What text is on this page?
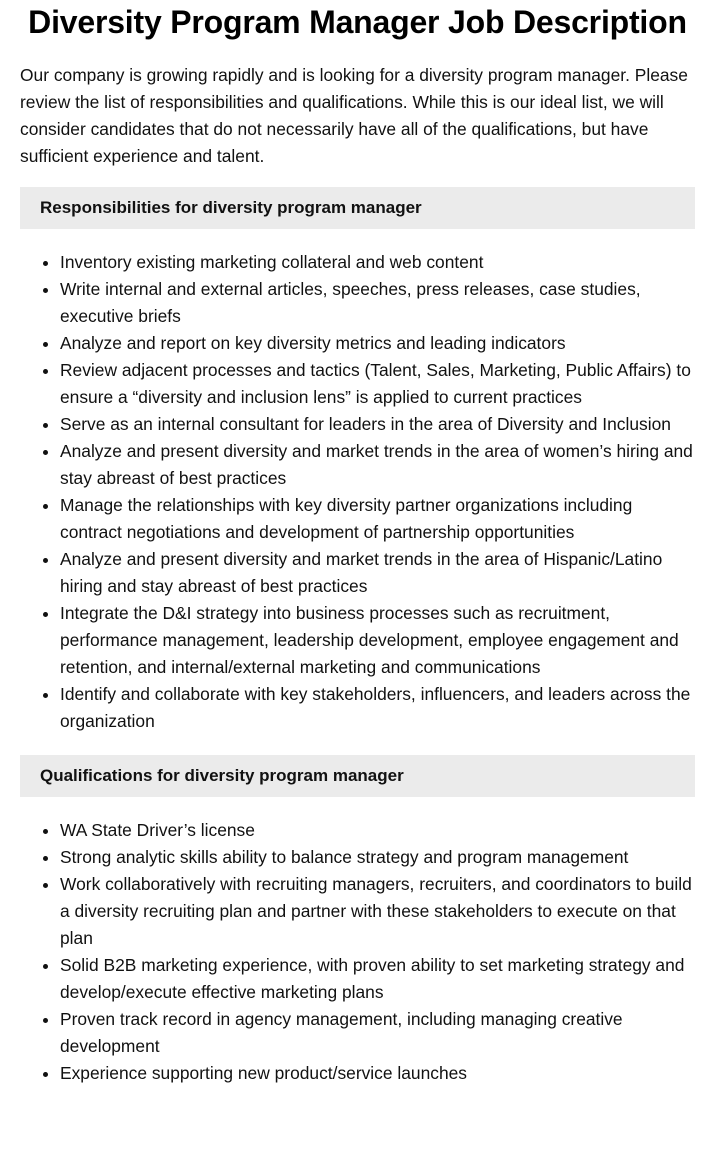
Diversity Program Manager Job Description

Our company is growing rapidly and is looking for a diversity program manager. Please review the list of responsibilities and qualifications. While this is our ideal list, we will consider candidates that do not necessarily have all of the qualifications, but have sufficient experience and talent.

Responsibilities for diversity program manager
• Inventory existing marketing collateral and web content
• Write internal and external articles, speeches, press releases, case studies, executive briefs
• Analyze and report on key diversity metrics and leading indicators
• Review adjacent processes and tactics (Talent, Sales, Marketing, Public Affairs) to ensure a “diversity and inclusion lens” is applied to current practices
• Serve as an internal consultant for leaders in the area of Diversity and Inclusion
• Analyze and present diversity and market trends in the area of women’s hiring and stay abreast of best practices
• Manage the relationships with key diversity partner organizations including contract negotiations and development of partnership opportunities
• Analyze and present diversity and market trends in the area of Hispanic/Latino hiring and stay abreast of best practices
• Integrate the D&I strategy into business processes such as recruitment, performance management, leadership development, employee engagement and retention, and internal/external marketing and communications
• Identify and collaborate with key stakeholders, influencers, and leaders across the organization
Qualifications for diversity program manager
• WA State Driver’s license
• Strong analytic skills ability to balance strategy and program management
• Work collaboratively with recruiting managers, recruiters, and coordinators to build a diversity recruiting plan and partner with these stakeholders to execute on that plan
• Solid B2B marketing experience, with proven ability to set marketing strategy and develop/execute effective marketing plans
• Proven track record in agency management, including managing creative development
• Experience supporting new product/service launches
